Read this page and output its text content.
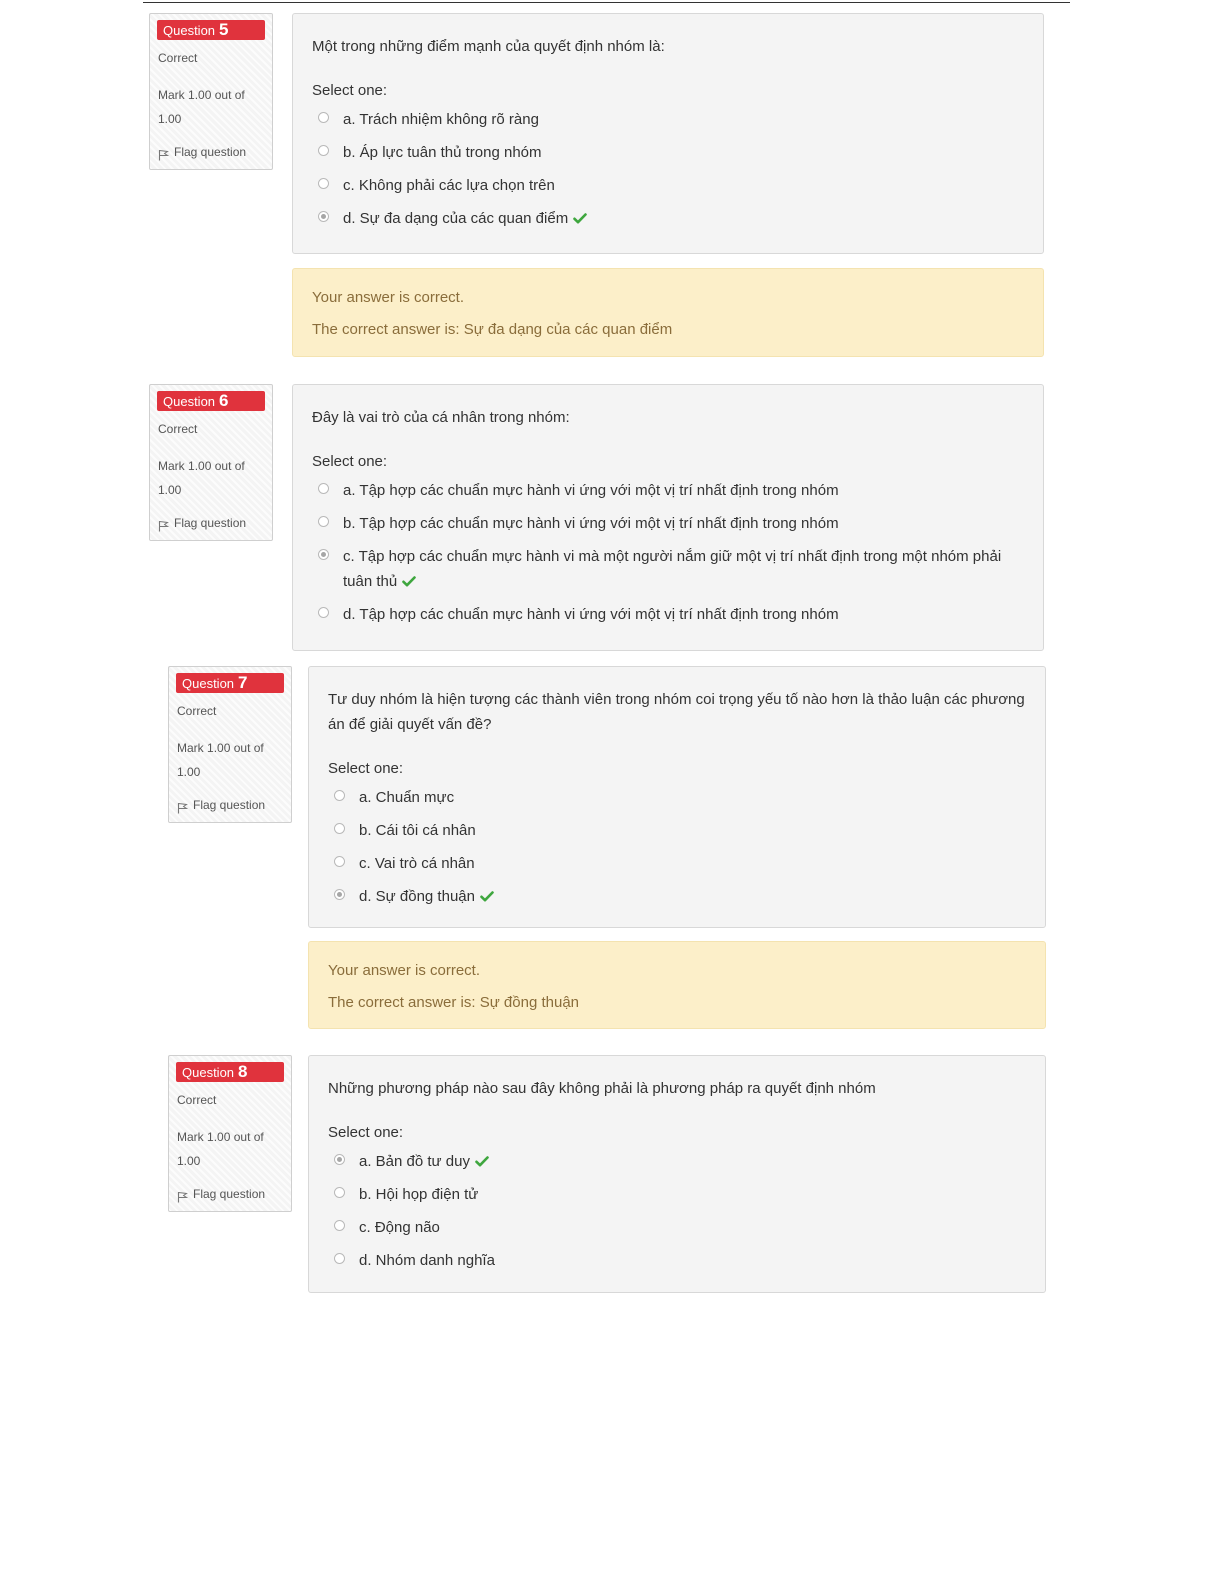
Question 5
Correct
Mark 1.00 out of 1.00
Flag question
Một trong những điểm mạnh của quyết định nhóm là:
Select one:
a. Trách nhiệm không rõ ràng
b. Áp lực tuân thủ trong nhóm
c. Không phải các lựa chọn trên
d. Sự đa dạng của các quan điểm

Your answer is correct.

The correct answer is: Sự đa dạng của các quan điểm

Question 6
Correct
Mark 1.00 out of 1.00
Flag question
Đây là vai trò của cá nhân trong nhóm:
Select one:
a. Tập hợp các chuẩn mực hành vi ứng với một vị trí nhất định trong nhóm
b. Tập hợp các chuẩn mực hành vi ứng với một vị trí nhất định trong nhóm
c. Tập hợp các chuẩn mực hành vi mà một người nắm giữ một vị trí nhất định trong một nhóm phải tuân thủ
d. Tập hợp các chuẩn mực hành vi ứng với một vị trí nhất định trong nhóm
Question 7
Correct
Mark 1.00 out of 1.00
Flag question
Tư duy nhóm là hiện tượng các thành viên trong nhóm coi trọng yếu tố nào hơn là thảo luận các phương án để giải quyết vấn đề?
Select one:
a. Chuẩn mực
b. Cái tôi cá nhân
c. Vai trò cá nhân
d. Sự đồng thuận

Your answer is correct.

The correct answer is: Sự đồng thuận

Question 8
Correct
Mark 1.00 out of 1.00
Flag question
Những phương pháp nào sau đây không phải là phương pháp ra quyết định nhóm
Select one:
a. Bản đồ tư duy
b. Hội họp điện tử
c. Động não
d. Nhóm danh nghĩa
